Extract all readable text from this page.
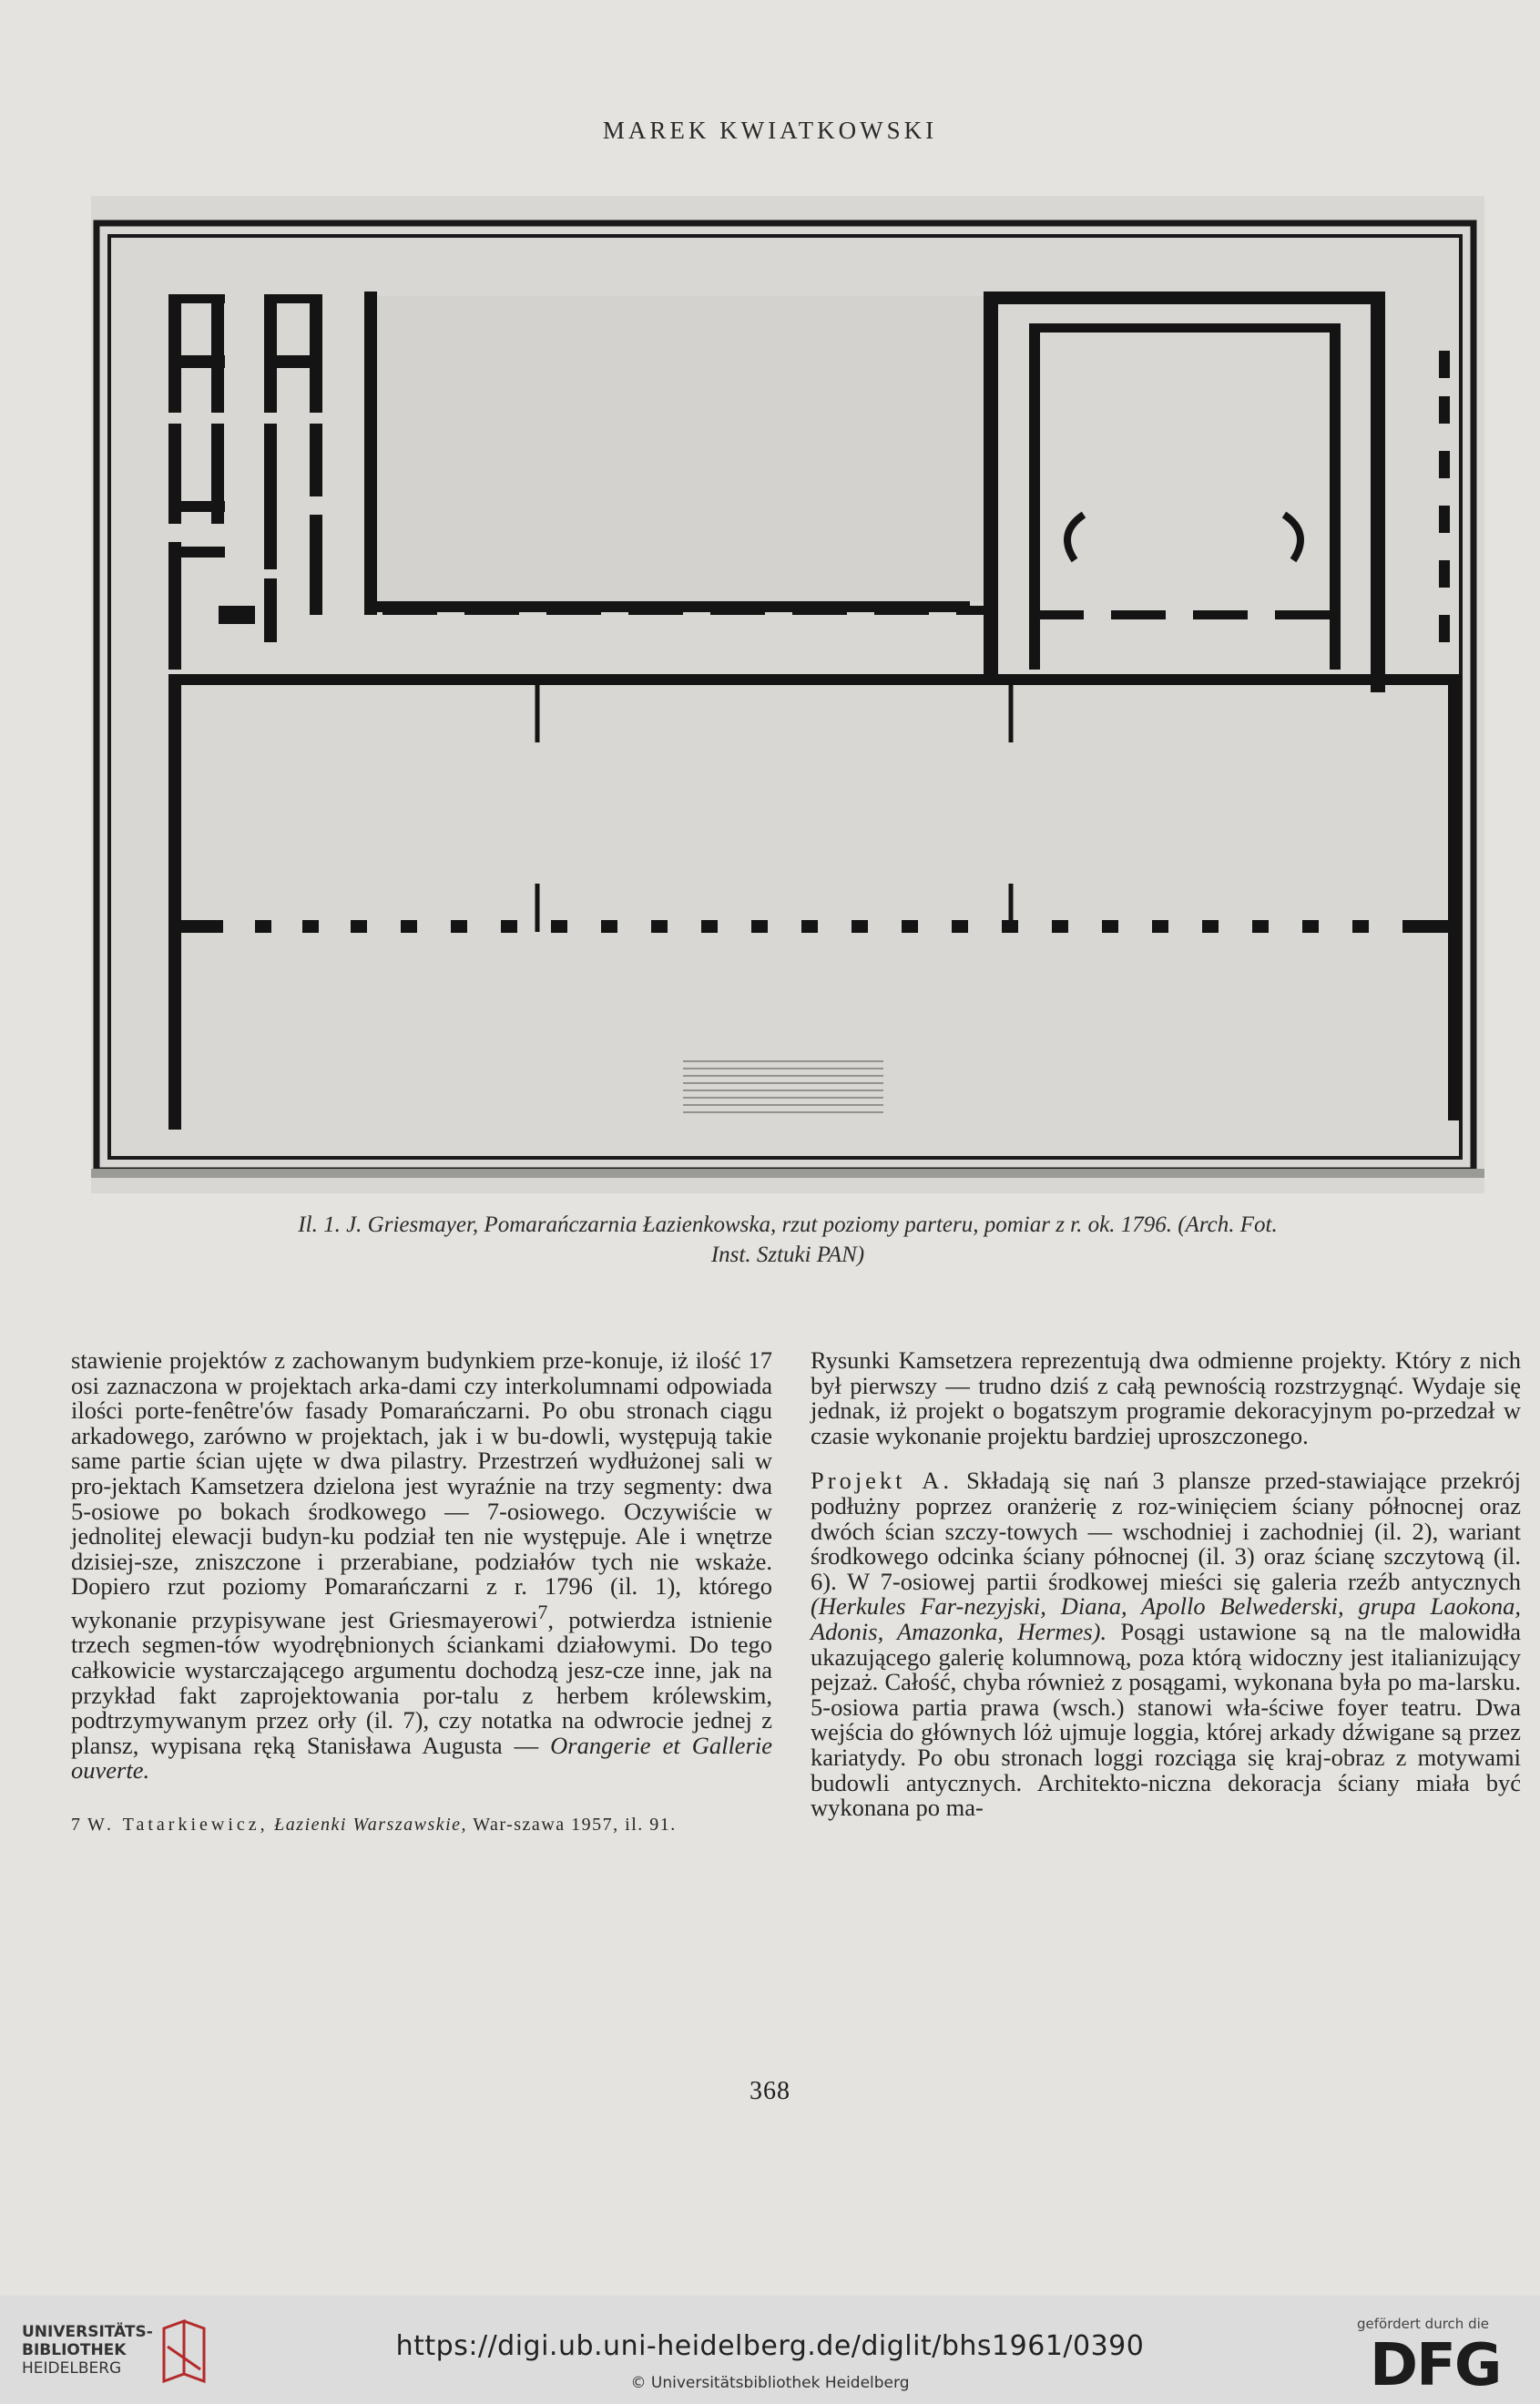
MAREK KWIATKOWSKI
Il. 1. J. Griesmayer, Pomarańczarnia Łazienkowska, rzut poziomy parteru, pomiar z r. ok. 1796. (Arch. Fot.
Inst. Sztuki PAN)

stawienie projektów z zachowanym budynkiem prze-konuje, iż ilość 17 osi zaznaczona w projektach arka-dami czy interkolumnami odpowiada ilości porte-fenêtre'ów fasady Pomarańczarni. Po obu stronach ciągu arkadowego, zarówno w projektach, jak i w bu-dowli, występują takie same partie ścian ujęte w dwa pilastry. Przestrzeń wydłużonej sali w pro-jektach Kamsetzera dzielona jest wyraźnie na trzy segmenty: dwa 5-osiowe po bokach środkowego — 7-osiowego. Oczywiście w jednolitej elewacji budyn-ku podział ten nie występuje. Ale i wnętrze dzisiej-sze, zniszczone i przerabiane, podziałów tych nie wskaże. Dopiero rzut poziomy Pomarańczarni z r. 1796 (il. 1), którego wykonanie przypisywane jest Griesmayerowi$^7$, potwierdza istnienie trzech segmen-tów wyodrębnionych ściankami działowymi. Do tego całkowicie wystarczającego argumentu dochodzą jesz-cze inne, jak na przykład fakt zaprojektowania por-talu z herbem królewskim, podtrzymywanym przez orły (il. 7), czy notatka na odwrocie jednej z plansz, wypisana ręką Stanisława Augusta — Orangerie et Gallerie ouverte.

7 W. Tatarkiewicz, Łazienki Warszawskie, War-szawa 1957, il. 91.

Rysunki Kamsetzera reprezentują dwa odmienne projekty. Który z nich był pierwszy — trudno dziś z całą pewnością rozstrzygnąć. Wydaje się jednak, iż projekt o bogatszym programie dekoracyjnym po-przedzał w czasie wykonanie projektu bardziej uproszczonego.

Projekt A. Składają się nań 3 plansze przed-stawiające przekrój podłużny poprzez oranżerię z roz-winięciem ściany północnej oraz dwóch ścian szczy-towych — wschodniej i zachodniej (il. 2), wariant środkowego odcinka ściany północnej (il. 3) oraz ścianę szczytową (il. 6). W 7-osiowej partii środkowej mieści się galeria rzeźb antycznych (Herkules Far-nezyjski, Diana, Apollo Belwederski, grupa Laokona, Adonis, Amazonka, Hermes). Posągi ustawione są na tle malowidła ukazującego galerię kolumnową, poza którą widoczny jest italianizujący pejzaż. Całość, chyba również z posągami, wykonana była po ma-larsku. 5-osiowa partia prawa (wsch.) stanowi wła-ściwe foyer teatru. Dwa wejścia do głównych lóż ujmuje loggia, której arkady dźwigane są przez kariatydy. Po obu stronach loggi rozciąga się kraj-obraz z motywami budowli antycznych. Architekto-niczna dekoracja ściany miała być wykonana po ma-

368
UNIVERSITÄTS-
BIBLIOTHEK
HEIDELBERG
https://digi.ub.uni-heidelberg.de/diglit/bhs1961/0390
© Universitätsbibliothek Heidelberg
gefördert durch die
DFG
